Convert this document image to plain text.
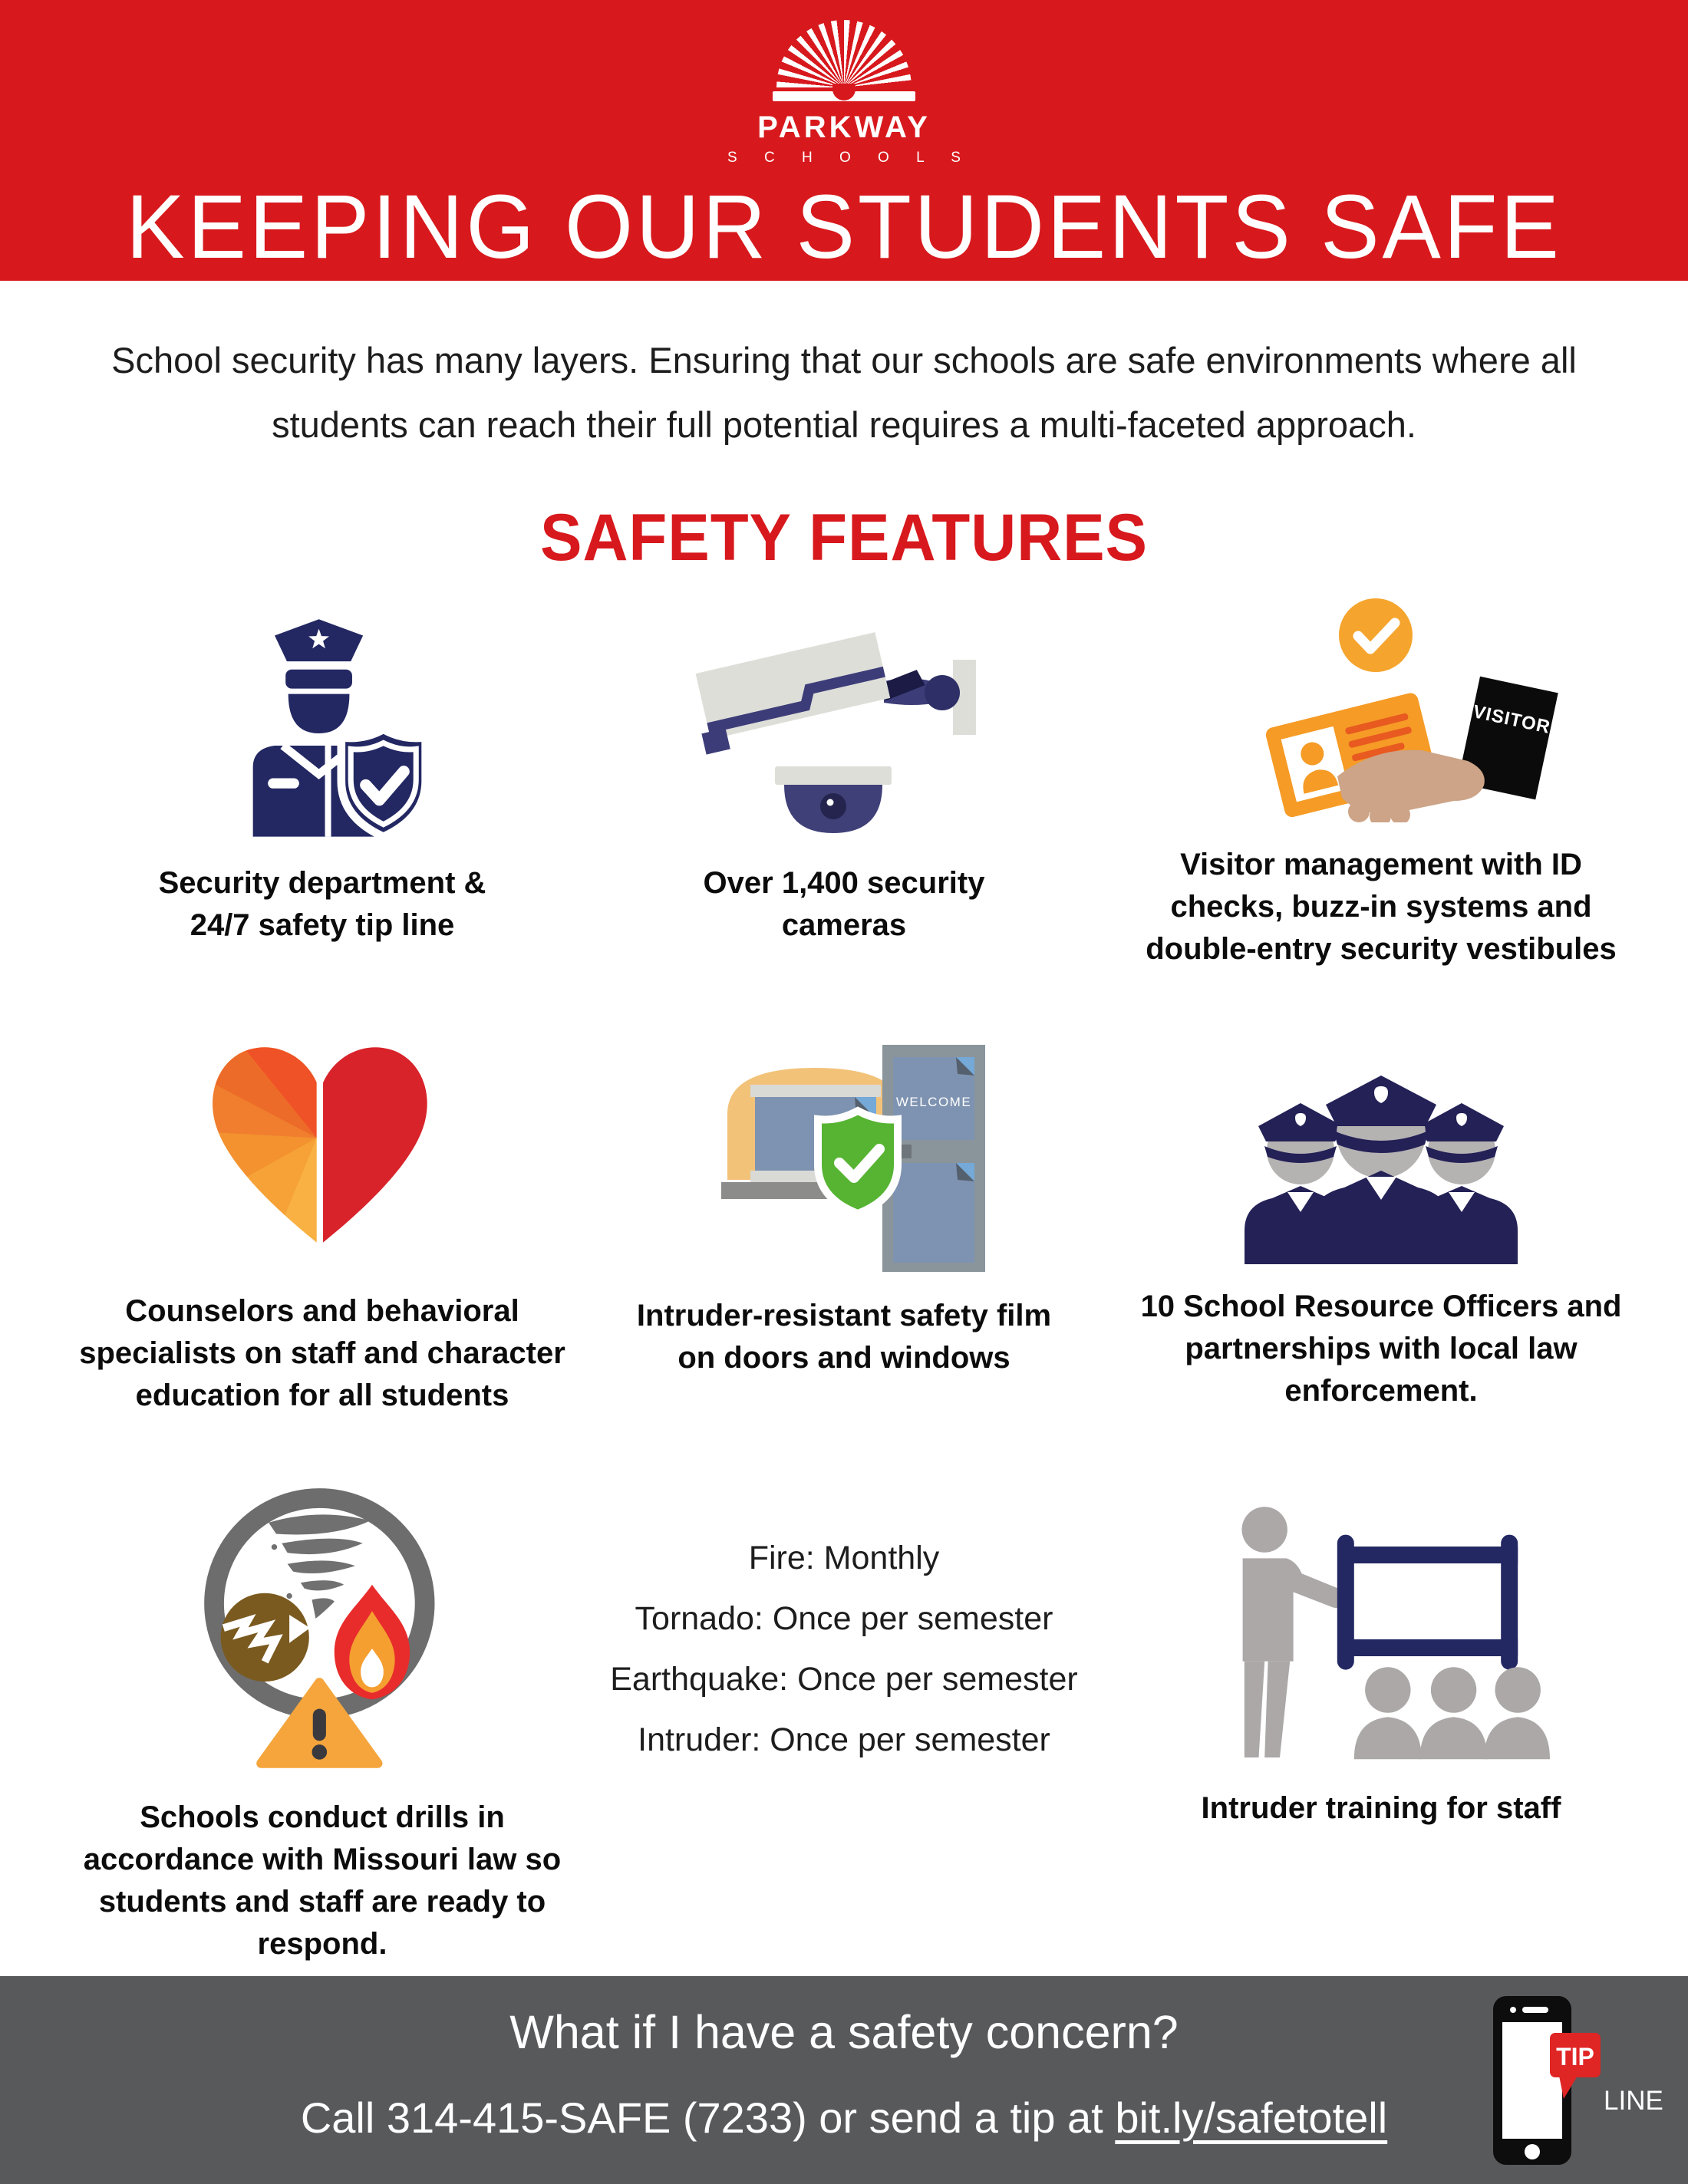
PARKWAY
S C H O O L S
KEEPING OUR STUDENTS SAFE
School security has many layers. Ensuring that our schools are safe environments where all students can reach their full potential requires a multi-faceted approach.
SAFETY FEATURES
Security department & 24/7 safety tip line
Over 1,400 security cameras
VISITOR
Visitor management with ID checks, buzz-in systems and double-entry security vestibules
Counselors and behavioral specialists on staff and character education for all students
WELCOME
Intruder-resistant safety film on doors and windows
10 School Resource Officers and partnerships with local law enforcement.
Schools conduct drills in accordance with Missouri law so students and staff are ready to respond.
Fire: Monthly
Tornado: Once per semester
Earthquake: Once per semester
Intruder: Once per semester
Intruder training for staff
What if I have a safety concern?
Call 314-415-SAFE (7233) or send a tip at bit.ly/safetotell
TIP
LINE
